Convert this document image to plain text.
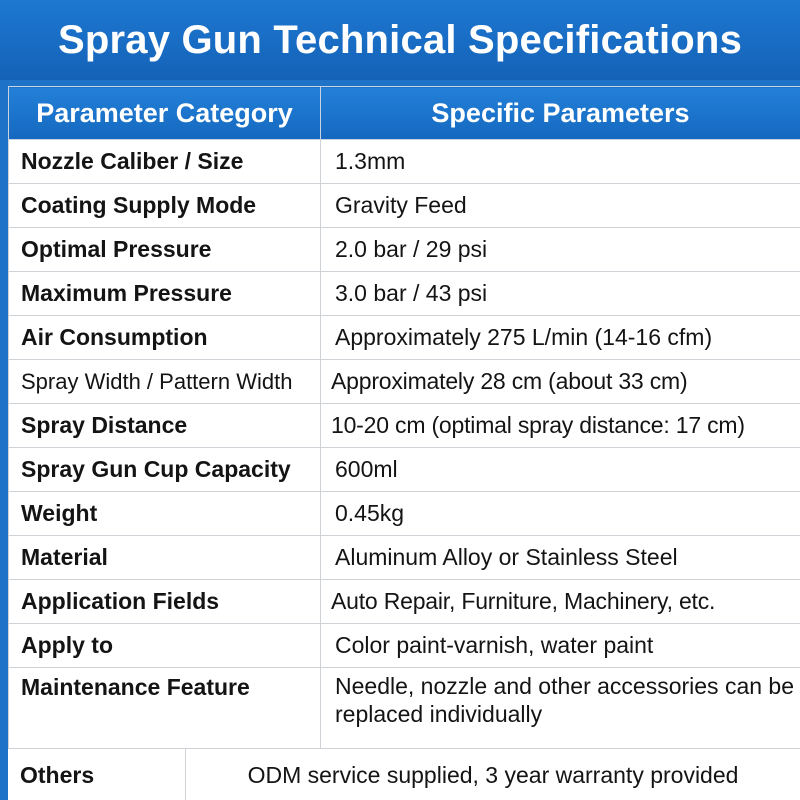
Spray Gun Technical Specifications
Parameter Category	Specific Parameters
Nozzle Caliber / Size	1.3mm
Coating Supply Mode	Gravity Feed
Optimal Pressure	2.0 bar / 29 psi
Maximum Pressure	3.0 bar / 43 psi
Air Consumption	Approximately 275 L/min (14-16 cfm)
Spray Width / Pattern Width	Approximately 28 cm (about 33 cm)
Spray Distance	10-20 cm (optimal spray distance: 17 cm)
Spray Gun Cup Capacity	600ml
Weight	0.45kg
Material	Aluminum Alloy or Stainless Steel
Application Fields	Auto Repair, Furniture, Machinery, etc.
Apply to	Color paint-varnish, water paint
Maintenance Feature	Needle, nozzle and other accessories can be replaced individually
Others	ODM service supplied, 3 year warranty provided
